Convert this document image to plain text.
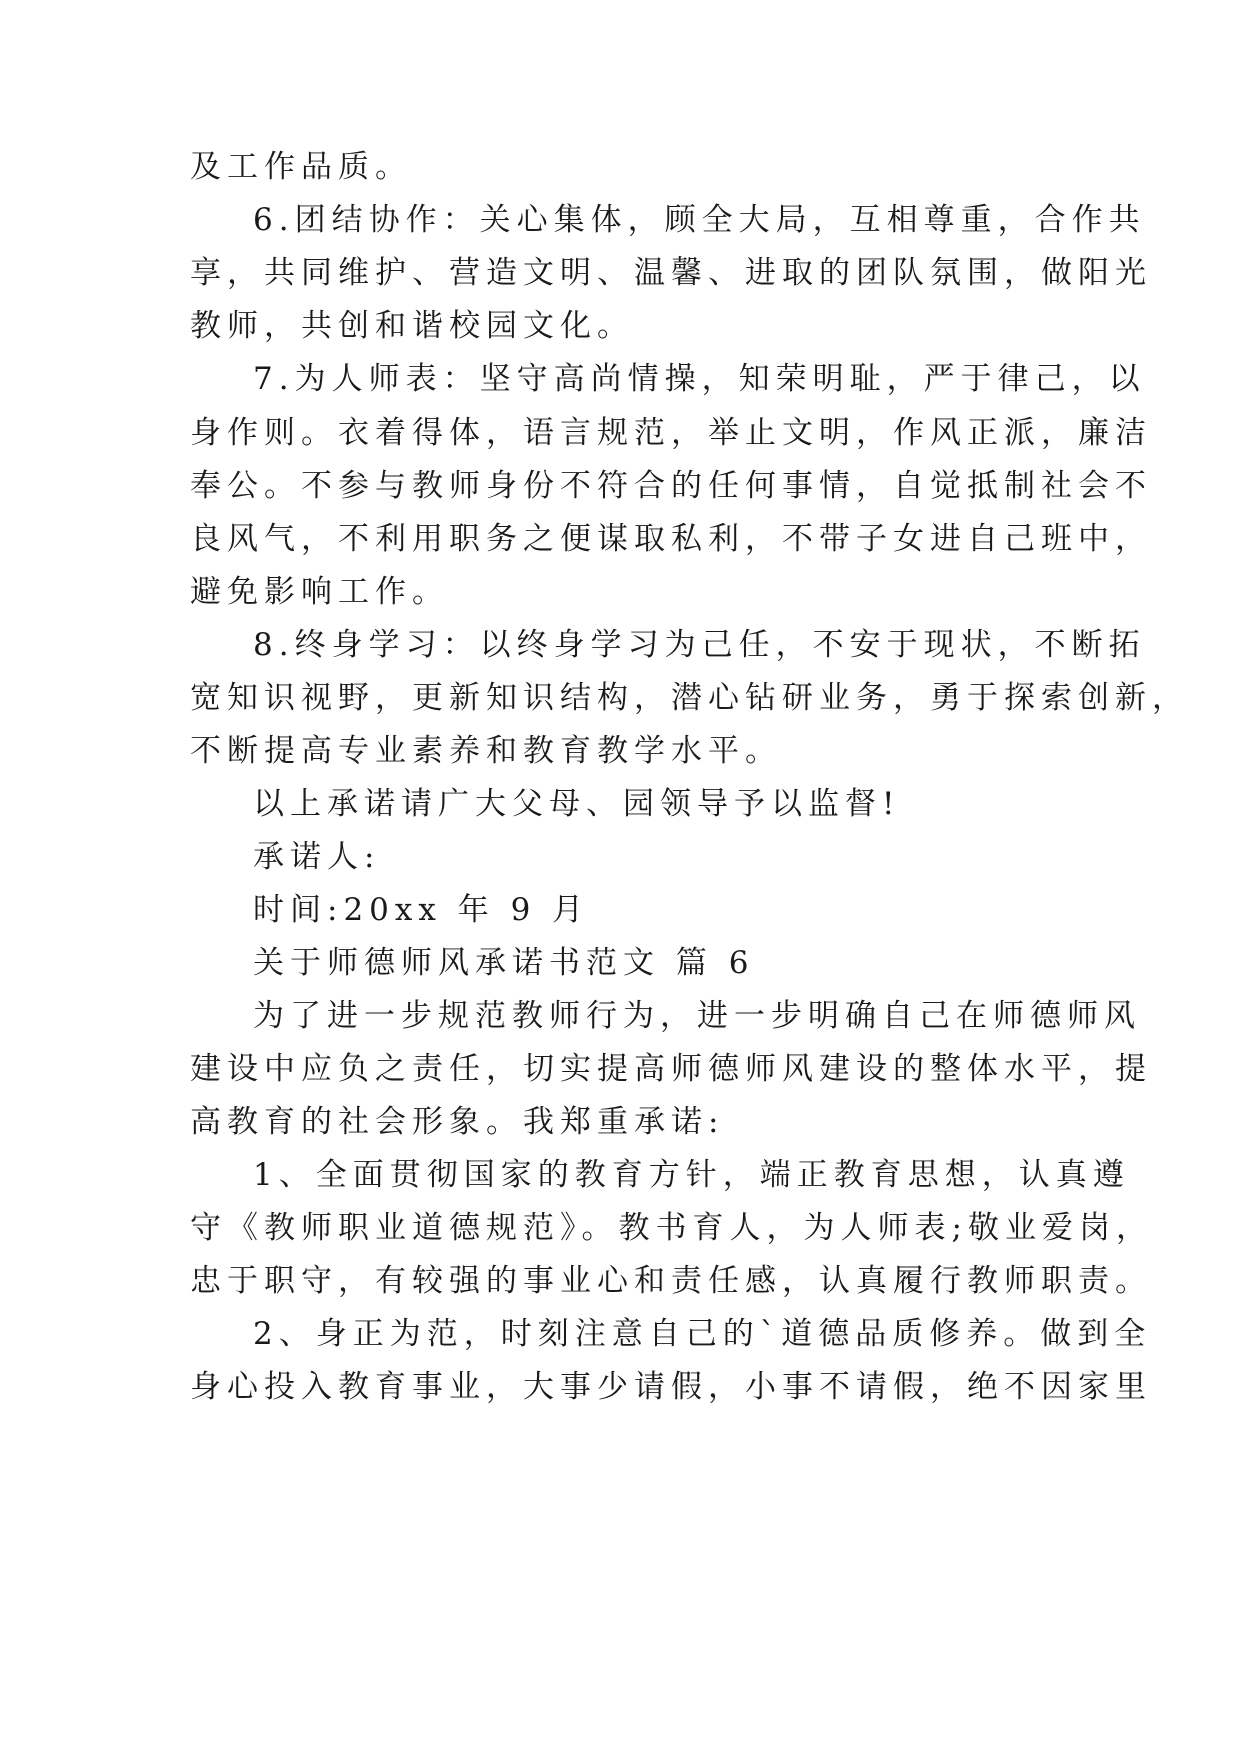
及工作品质。
6.团结协作：关心集体，顾全大局，互相尊重，合作共
享，共同维护、营造文明、温馨、进取的团队氛围，做阳光
教师，共创和谐校园文化。
7.为人师表：坚守高尚情操，知荣明耻，严于律己，以
身作则。衣着得体，语言规范，举止文明，作风正派，廉洁
奉公。不参与教师身份不符合的任何事情，自觉抵制社会不
良风气，不利用职务之便谋取私利，不带子女进自己班中，
避免影响工作。
8.终身学习：以终身学习为己任，不安于现状，不断拓
宽知识视野，更新知识结构，潜心钻研业务，勇于探索创新，
不断提高专业素养和教育教学水平。
以上承诺请广大父母、园领导予以监督!
承诺人:
时间:20xx 年 9 月
关于师德师风承诺书范文 篇 6
为了进一步规范教师行为，进一步明确自己在师德师风
建设中应负之责任，切实提高师德师风建设的整体水平，提
高教育的社会形象。我郑重承诺:
1、全面贯彻国家的教育方针，端正教育思想，认真遵
守《教师职业道德规范》。教书育人，为人师表;敬业爱岗，
忠于职守，有较强的事业心和责任感，认真履行教师职责。
2、身正为范，时刻注意自己的`道德品质修养。做到全
身心投入教育事业，大事少请假，小事不请假，绝不因家里
